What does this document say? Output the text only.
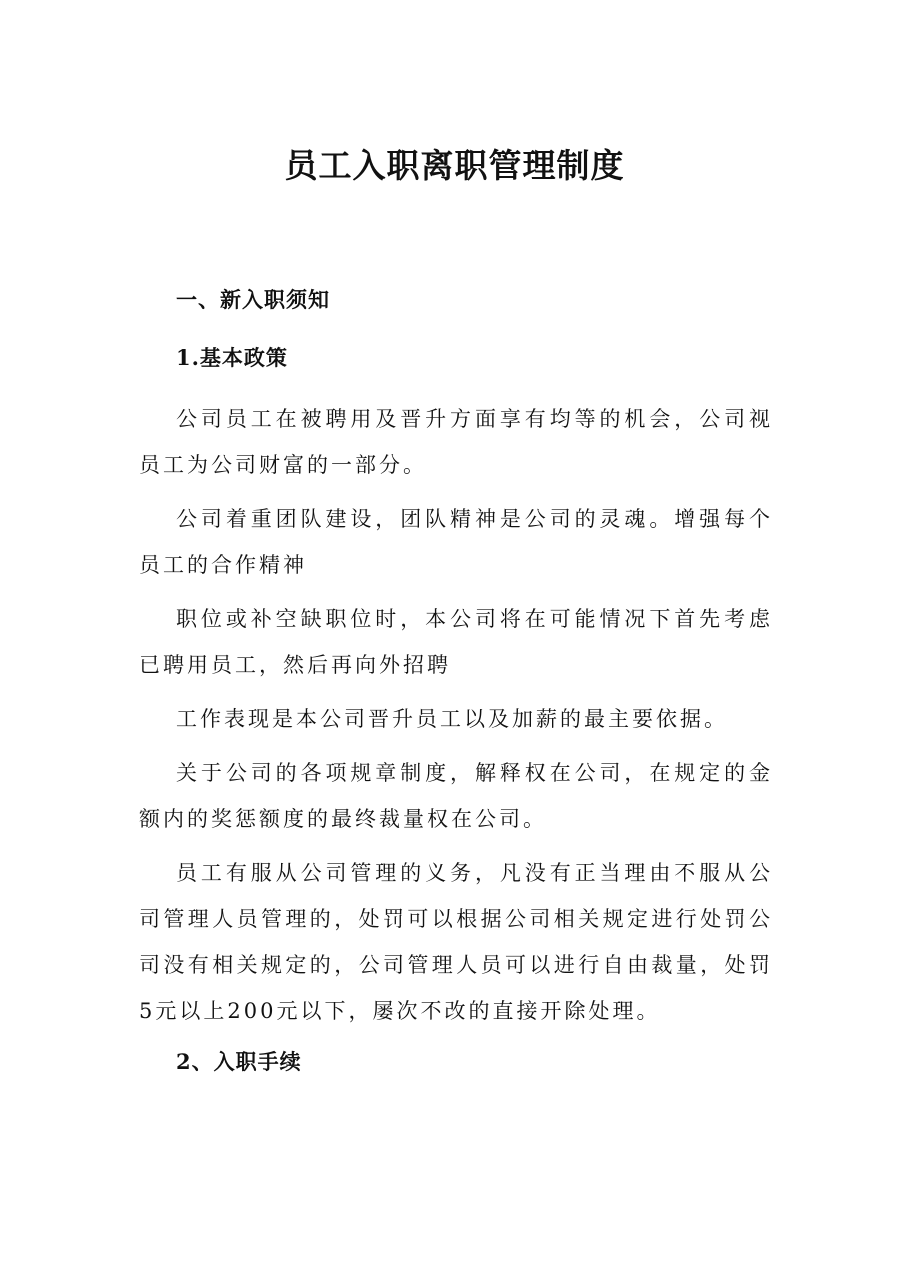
员工入职离职管理制度
一、新入职须知
1.基本政策

公司员工在被聘用及晋升方面享有均等的机会，公司视员工为公司财富的一部分。

公司着重团队建设，团队精神是公司的灵魂。增强每个员工的合作精神

职位或补空缺职位时，本公司将在可能情况下首先考虑已聘用员工，然后再向外招聘

工作表现是本公司晋升员工以及加薪的最主要依据。

关于公司的各项规章制度，解释权在公司，在规定的金额内的奖惩额度的最终裁量权在公司。

员工有服从公司管理的义务，凡没有正当理由不服从公司管理人员管理的，处罚可以根据公司相关规定进行处罚公司没有相关规定的，公司管理人员可以进行自由裁量，处罚5元以上200元以下，屡次不改的直接开除处理。

2、入职手续
